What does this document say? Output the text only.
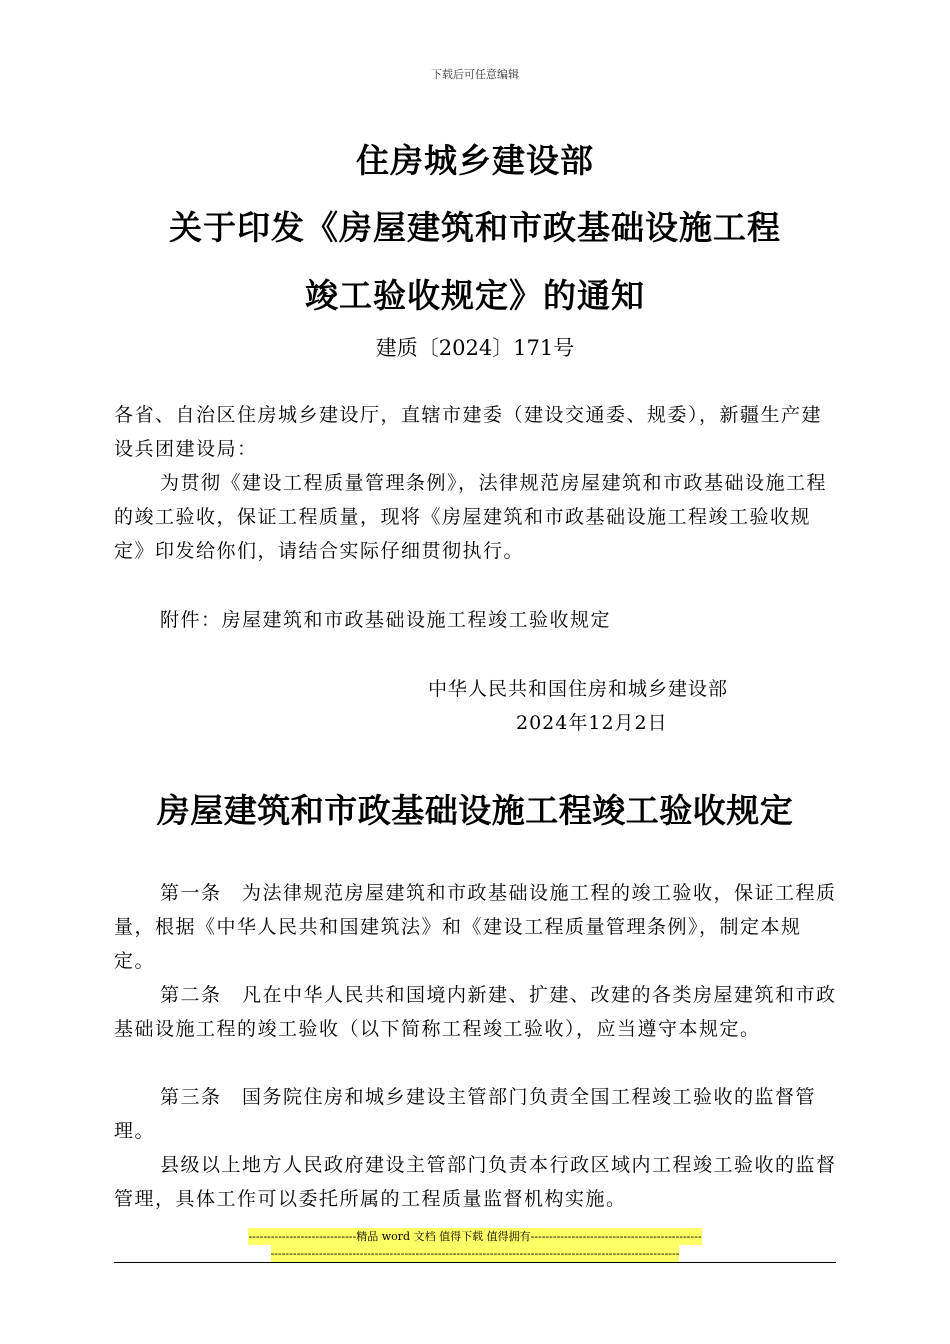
下载后可任意编辑
住房城乡建设部
关于印发《房屋建筑和市政基础设施工程
竣工验收规定》的通知
建质〔2024〕171号
各省、自治区住房城乡建设厅，直辖市建委（建设交通委、规委），新疆生产建设兵团建设局：
为贯彻《建设工程质量管理条例》，法律规范房屋建筑和市政基础设施工程的竣工验收，保证工程质量，现将《房屋建筑和市政基础设施工程竣工验收规定》印发给你们，请结合实际仔细贯彻执行。
附件：房屋建筑和市政基础设施工程竣工验收规定
中华人民共和国住房和城乡建设部
2024年12月2日
房屋建筑和市政基础设施工程竣工验收规定
第一条　为法律规范房屋建筑和市政基础设施工程的竣工验收，保证工程质量，根据《中华人民共和国建筑法》和《建设工程质量管理条例》，制定本规定。
第二条　凡在中华人民共和国境内新建、扩建、改建的各类房屋建筑和市政基础设施工程的竣工验收（以下简称工程竣工验收），应当遵守本规定。
第三条　国务院住房和城乡建设主管部门负责全国工程竣工验收的监督管理。
县级以上地方人民政府建设主管部门负责本行政区域内工程竣工验收的监督管理，具体工作可以委托所属的工程质量监督机构实施。
-----------------------------精品 word 文档 值得下载 值得拥有----------------------------------------------
--------------------------------------------------------------------------------------------------------------
